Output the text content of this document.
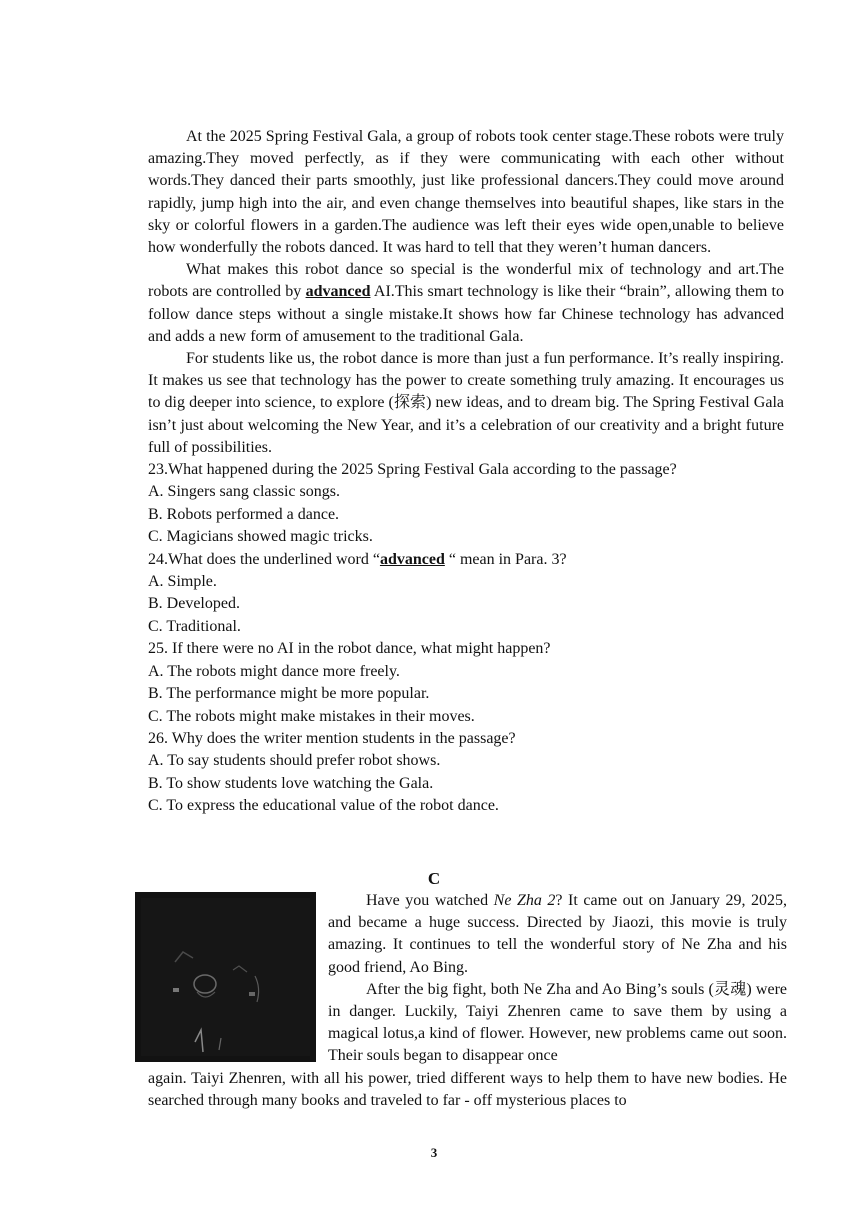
At the 2025 Spring Festival Gala, a group of robots took center stage.These robots were truly amazing.They moved perfectly, as if they were communicating with each other without words.They danced their parts smoothly, just like professional dancers.They could move around rapidly, jump high into the air, and even change themselves into beautiful shapes, like stars in the sky or colorful flowers in a garden.The audience was left their eyes wide open,unable to believe how wonderfully the robots danced. It was hard to tell that they weren’t human dancers.

What makes this robot dance so special is the wonderful mix of technology and art.The robots are controlled by advanced AI.This smart technology is like their “brain”, allowing them to follow dance steps without a single mistake.It shows how far Chinese technology has advanced and adds a new form of amusement to the traditional Gala.

For students like us, the robot dance is more than just a fun performance. It’s really inspiring. It makes us see that technology has the power to create something truly amazing. It encourages us to dig deeper into science, to explore (探索) new ideas, and to dream big. The Spring Festival Gala isn’t just about welcoming the New Year, and it’s a celebration of our creativity and a bright future full of possibilities.

23.What happened during the 2025 Spring Festival Gala according to the passage?

A. Singers sang classic songs.

B. Robots performed a dance.

C. Magicians showed magic tricks.

24.What does the underlined word “advanced “ mean in Para. 3?

A. Simple.

B. Developed.

C. Traditional.

25. If there were no AI in the robot dance, what might happen?

A. The robots might dance more freely.

B. The performance might be more popular.

C. The robots might make mistakes in their moves.

26. Why does the writer mention students in the passage?

A. To say students should prefer robot shows.

B. To show students love watching the Gala.

C. To express the educational value of the robot dance.

C

Have you watched Ne Zha 2? It came out on January 29, 2025, and became a huge success. Directed by Jiaozi, this movie is truly amazing. It continues to tell the wonderful story of Ne Zha and his good friend, Ao Bing.

After the big fight, both Ne Zha and Ao Bing’s souls (灵魂) were in danger. Luckily, Taiyi Zhenren came to save them by using a magical lotus,a kind of flower. However, new problems came out soon. Their souls began to disappear once

again. Taiyi Zhenren, with all his power, tried different ways to help them to have new bodies. He searched through many books and traveled to far - off mysterious places to

3
